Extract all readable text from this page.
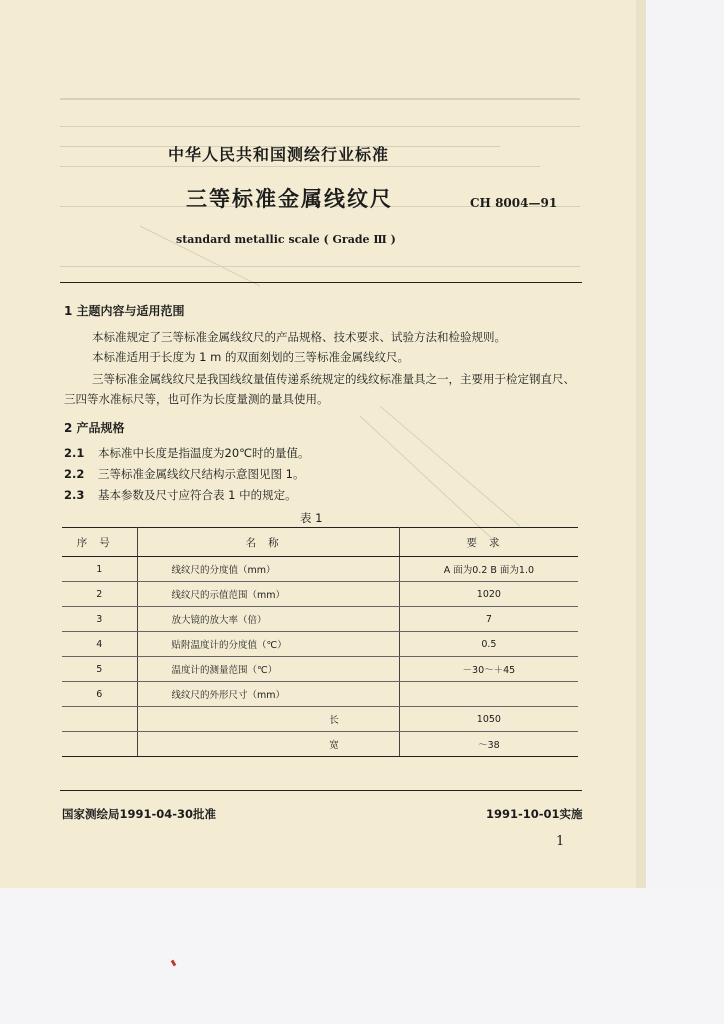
中华人民共和国测绘行业标准
三等标准金属线纹尺	CH 8004—91
standard metallic scale ( Grade Ⅲ )
1 主题内容与适用范围
本标准规定了三等标准金属线纹尺的产品规格、技术要求、试验方法和检验规则。
本标准适用于长度为 1 m 的双面刻划的三等标准金属线纹尺。
三等标准金属线纹尺是我国线纹量值传递系统规定的线纹标准量具之一，主要用于检定钢直尺、三四等水准标尺等，也可作为长度量测的量具使用。
2 产品规格
2.1 本标准中长度是指温度为20℃时的量值。
2.2 三等标准金属线纹尺结构示意图见图 1。
2.3 基本参数及尺寸应符合表 1 中的规定。
表 1
序号	名称	要求
1	线纹尺的分度值（mm）	A 面为0.2 B 面为1.0
2	线纹尺的示值范围（mm）	1020
3	放大镜的放大率（倍）	7
4	贴附温度计的分度值（℃）	0.5
5	温度计的测量范围（℃）	－30～＋45
6	线纹尺的外形尺寸（mm）	
	长	1050
	宽	～38
国家测绘局1991-04-30批准	1991-10-01实施
1
